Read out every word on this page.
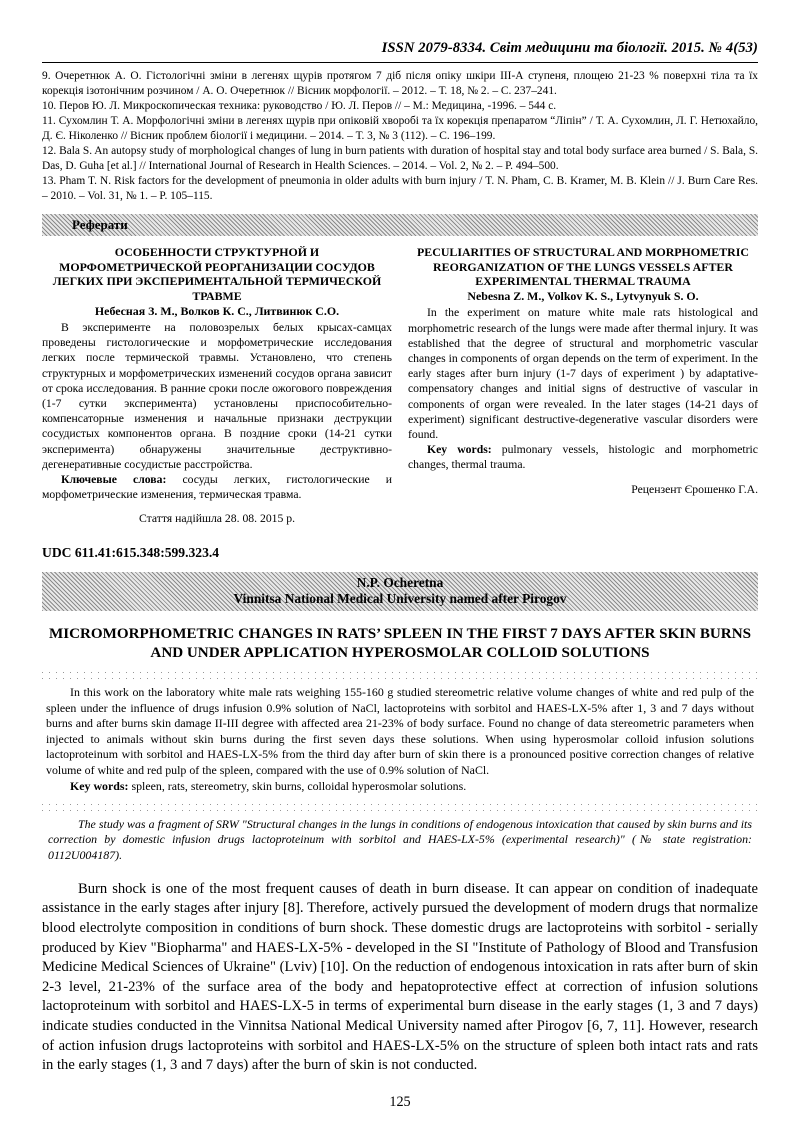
ISSN 2079-8334. Світ медицини та біології. 2015. № 4(53)

9. Очеретнюк А. О. Гістологічні зміни в легенях щурів протягом 7 діб після опіку шкіри III-А ступеня, площею 21-23 % поверхні тіла та їх корекція ізотонічним розчином / А. О. Очеретнюк // Вісник морфології. – 2012. – Т. 18, № 2. – С. 237–241.

10. Перов Ю. Л. Микроскопическая техника: руководство / Ю. Л. Перов // – М.: Медицина, -1996. – 544 с.

11. Сухомлин Т. А. Морфологічні зміни в легенях щурів при опіковій хворобі та їх корекція препаратом “Ліпін” / Т. А. Сухомлин, Л. Г. Нетюхайло, Д. Є. Ніколенко // Вісник проблем біології і медицини. – 2014. – Т. 3, № 3 (112). – С. 196–199.

12. Bala S. An autopsy study of morphological changes of lung in burn patients with duration of hospital stay and total body surface area burned / S. Bala, S. Das, D. Guha [et al.] // International Journal of Research in Health Sciences. – 2014. – Vol. 2, № 2. – P. 494–500.

13. Pham T. N. Risk factors for the development of pneumonia in older adults with burn injury / T. N. Pham, C. B. Kramer, M. B. Klein // J. Burn Care Res. – 2010. – Vol. 31, № 1. – P. 105–115.

Реферати
ОСОБЕННОСТИ СТРУКТУРНОЙ И МОРФОМЕТРИЧЕСКОЙ РЕОРГАНИЗАЦИИ СОСУДОВ ЛЕГКИХ ПРИ ЭКСПЕРИМЕНТАЛЬНОЙ ТЕРМИЧЕСКОЙ ТРАВМЕ
Небесная З. М., Волков К. С., Литвинюк С.О.
В эксперименте на половозрелых белых крысах-самцах проведены гистологические и морфометрические исследования легких после термической травмы. Установлено, что степень структурных и морфометрических изменений сосудов органа зависит от срока исследования. В ранние сроки после ожогового повреждения (1-7 сутки эксперимента) установлены приспособительно-компенсаторные изменения и начальные признаки деструкции сосудистых компонентов органа. В поздние сроки (14-21 сутки эксперимента) обнаружены значительные деструктивно-дегенеративные сосудистые расстройства.
Ключевые слова: сосуды легких, гистологические и морфометрические изменения, термическая травма.
Стаття надійшла 28. 08. 2015 р.
PECULIARITIES OF STRUCTURAL AND MORPHOMETRIC REORGANIZATION OF THE LUNGS VESSELS AFTER EXPERIMENTAL THERMAL TRAUMA
Nebesna Z. M., Volkov K. S., Lytvynyuk S. O.
In the experiment on mature white male rats histological and morphometric research of the lungs were made after thermal injury. It was established that the degree of structural and morphometric vascular changes in components of organ depends on the term of experiment. In the early stages after burn injury (1-7 days of experiment ) by adaptative-compensatory changes and initial signs of destructive of vascular in components of organ were revealed. In the later stages (14-21 days of experiment) significant destructive-degenerative vascular disorders were found.
Key words: pulmonary vessels, histologic and morphometric changes, thermal trauma.
Рецензент Єрошенко Г.А.
UDC 611.41:615.348:599.323.4
N.P. Ocheretna
Vinnitsa National Medical University named after Pirogov
MICROMORPHOMETRIC CHANGES IN RATS’ SPLEEN IN THE FIRST 7 DAYS AFTER SKIN BURNS AND UNDER APPLICATION HYPEROSMOLAR COLLOID SOLUTIONS
In this work on the laboratory white male rats weighing 155-160 g studied stereometric relative volume changes of white and red pulp of the spleen under the influence of drugs infusion 0.9% solution of NaCl, lactoproteins with sorbitol and HAES-LX-5% after 1, 3 and 7 days without burns and after burns skin damage II-III degree with affected area 21-23% of body surface. Found no change of data stereometric parameters when injected to animals without skin burns during the first seven days these solutions. When using hyperosmolar colloid infusion solutions lactoproteinum with sorbitol and HAES-LX-5% from the third day after burn of skin there is a pronounced positive correction changes of relative volume of white and red pulp of the spleen, compared with the use of 0.9% solution of NaCl.
Key words: spleen, rats, stereometry, skin burns, colloidal hyperosmolar solutions.
The study was a fragment of SRW "Structural changes in the lungs in conditions of endogenous intoxication that caused by skin burns and its correction by domestic infusion drugs lactoproteinum with sorbitol and HAES-LX-5% (experimental research)" (№ state registration: 0112U004187).
Burn shock is one of the most frequent causes of death in burn disease. It can appear on condition of inadequate assistance in the early stages after injury [8]. Therefore, actively pursued the development of modern drugs that normalize blood electrolyte composition in conditions of burn shock. These domestic drugs are lactoproteins with sorbitol - serially produced by Kiev "Biopharma" and HAES-LX-5% - developed in the SI "Institute of Pathology of Blood and Transfusion Medicine Medical Sciences of Ukraine" (Lviv) [10]. On the reduction of endogenous intoxication in rats after burn of skin 2-3 level, 21-23% of the surface area of the body and hepatoprotective effect at correction of infusion solutions lactoproteinum with sorbitol and HAES-LX-5 in terms of experimental burn disease in the early stages (1, 3 and 7 days) indicate studies conducted in the Vinnitsa National Medical University named after Pirogov [6, 7, 11]. However, research of action infusion drugs lactoproteins with sorbitol and HAES-LX-5% on the structure of spleen both intact rats and rats in the early stages (1, 3 and 7 days) after the burn of skin is not conducted.
125
